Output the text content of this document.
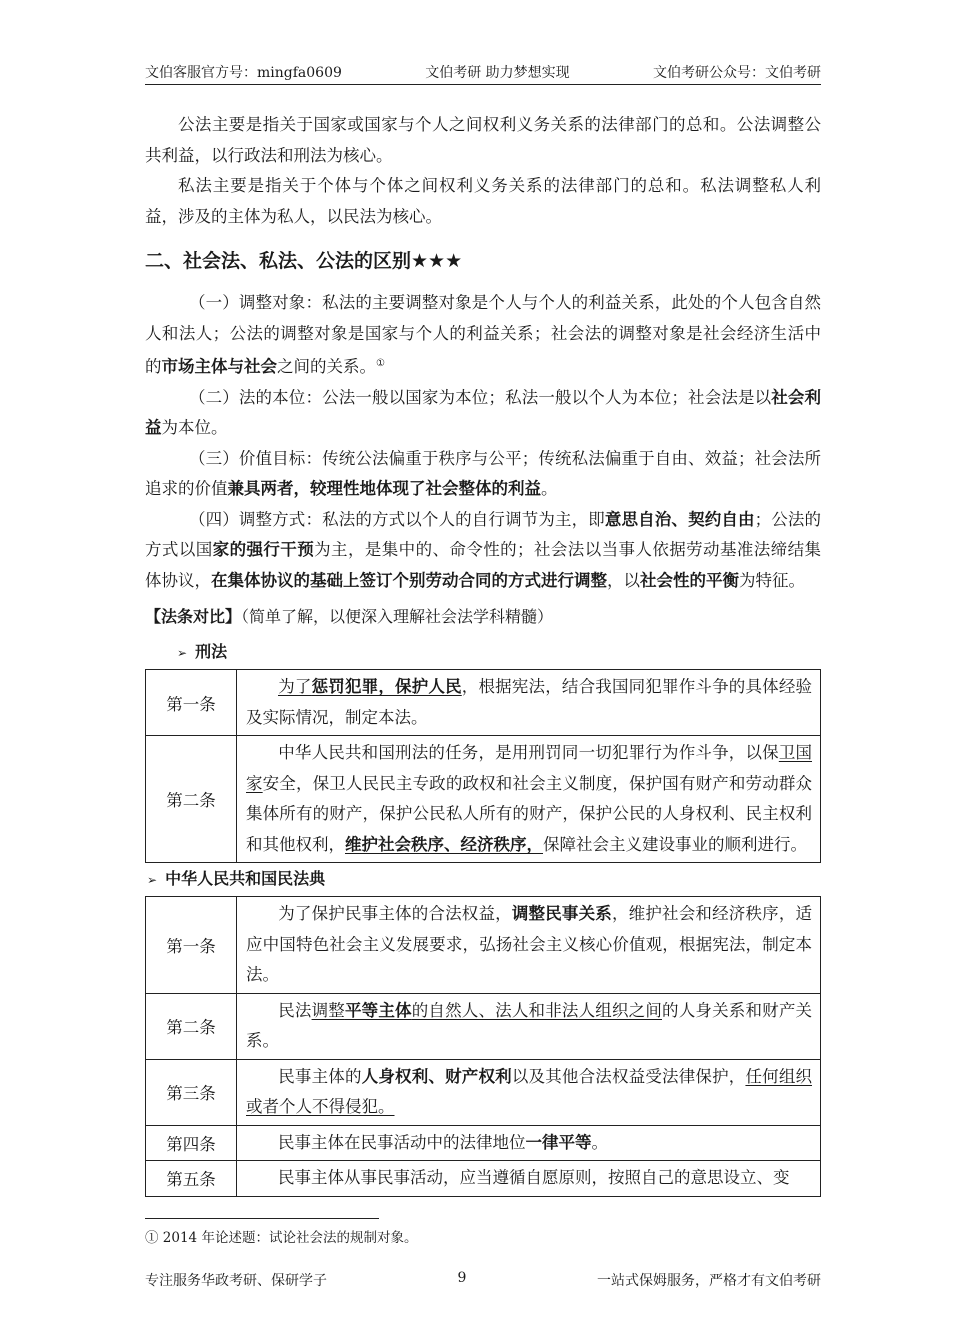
文伯客服官方号：mingfa0609	文伯考研 助力梦想实现	文伯考研公众号：文伯考研

公法主要是指关于国家或国家与个人之间权利义务关系的法律部门的总和。公法调整公共利益，以行政法和刑法为核心。

私法主要是指关于个体与个体之间权利义务关系的法律部门的总和。私法调整私人利益，涉及的主体为私人，以民法为核心。

二、社会法、私法、公法的区别★★★

（一）调整对象：私法的主要调整对象是个人与个人的利益关系，此处的个人包含自然人和法人；公法的调整对象是国家与个人的利益关系；社会法的调整对象是社会经济生活中的市场主体与社会之间的关系。①

（二）法的本位：公法一般以国家为本位；私法一般以个人为本位；社会法是以社会利益为本位。

（三）价值目标：传统公法偏重于秩序与公平；传统私法偏重于自由、效益；社会法所追求的价值兼具两者，较理性地体现了社会整体的利益。

（四）调整方式：私法的方式以个人的自行调节为主，即意思自治、契约自由；公法的方式以国家的强行干预为主，是集中的、命令性的；社会法以当事人依据劳动基准法缔结集体协议，在集体协议的基础上签订个别劳动合同的方式进行调整，以社会性的平衡为特征。

【法条对比】（简单了解，以便深入理解社会法学科精髓）
➢ 刑法
第一条	为了惩罚犯罪，保护人民，根据宪法，结合我国同犯罪作斗争的具体经验及实际情况，制定本法。
第二条	中华人民共和国刑法的任务，是用刑罚同一切犯罪行为作斗争，以保卫国家安全，保卫人民民主专政的政权和社会主义制度，保护国有财产和劳动群众集体所有的财产，保护公民私人所有的财产，保护公民的人身权利、民主权利和其他权利，维护社会秩序、经济秩序，保障社会主义建设事业的顺利进行。
➢ 中华人民共和国民法典
第一条	为了保护民事主体的合法权益，调整民事关系，维护社会和经济秩序，适应中国特色社会主义发展要求，弘扬社会主义核心价值观，根据宪法，制定本法。
第二条	民法调整平等主体的自然人、法人和非法人组织之间的人身关系和财产关系。
第三条	民事主体的人身权利、财产权利以及其他合法权益受法律保护，任何组织或者个人不得侵犯。
第四条	民事主体在民事活动中的法律地位一律平等。
第五条	民事主体从事民事活动，应当遵循自愿原则，按照自己的意思设立、变
① 2014 年论述题：试论社会法的规制对象。
专注服务华政考研、保研学子	9	一站式保姆服务，严格才有文伯考研
